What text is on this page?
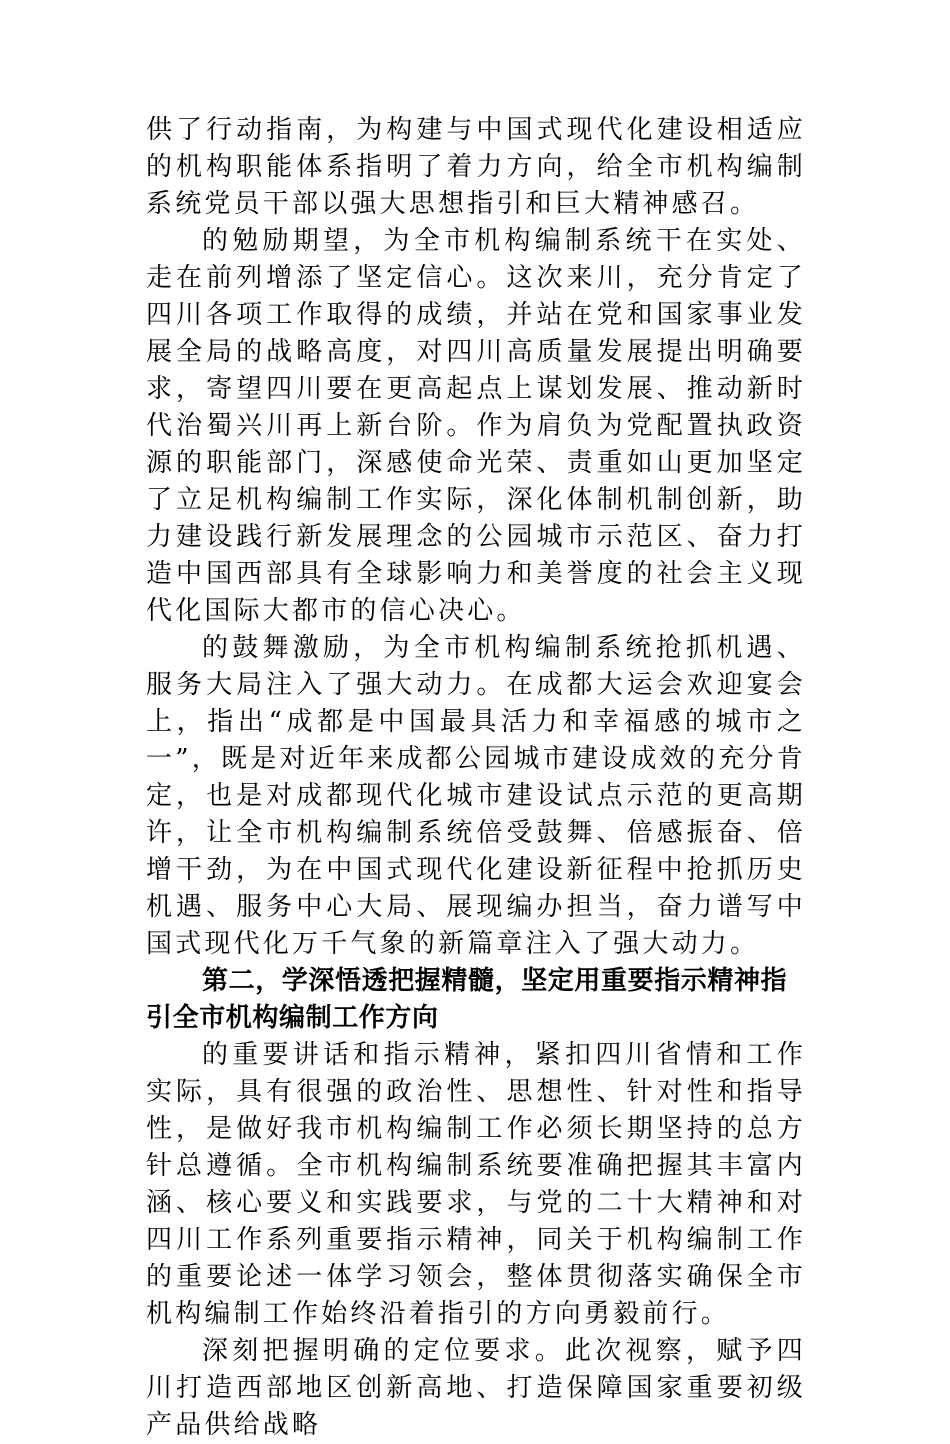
供了行动指南，为构建与中国式现代化建设相适应的机构职能体系指明了着力方向，给全市机构编制系统党员干部以强大思想指引和巨大精神感召。

的勉励期望，为全市机构编制系统干在实处、走在前列增添了坚定信心。这次来川，充分肯定了四川各项工作取得的成绩，并站在党和国家事业发展全局的战略高度，对四川高质量发展提出明确要求，寄望四川要在更高起点上谋划发展、推动新时代治蜀兴川再上新台阶。作为肩负为党配置执政资源的职能部门，深感使命光荣、责重如山更加坚定了立足机构编制工作实际，深化体制机制创新，助力建设践行新发展理念的公园城市示范区、奋力打造中国西部具有全球影响力和美誉度的社会主义现代化国际大都市的信心决心。

的鼓舞激励，为全市机构编制系统抢抓机遇、服务大局注入了强大动力。在成都大运会欢迎宴会上，指出“成都是中国最具活力和幸福感的城市之一”，既是对近年来成都公园城市建设成效的充分肯定，也是对成都现代化城市建设试点示范的更高期许，让全市机构编制系统倍受鼓舞、倍感振奋、倍增干劲，为在中国式现代化建设新征程中抢抓历史机遇、服务中心大局、展现编办担当，奋力谱写中国式现代化万千气象的新篇章注入了强大动力。

第二，学深悟透把握精髓，坚定用重要指示精神指引全市机构编制工作方向

的重要讲话和指示精神，紧扣四川省情和工作实际，具有很强的政治性、思想性、针对性和指导性，是做好我市机构编制工作必须长期坚持的总方针总遵循。全市机构编制系统要准确把握其丰富内涵、核心要义和实践要求，与党的二十大精神和对四川工作系列重要指示精神，同关于机构编制工作的重要论述一体学习领会，整体贯彻落实确保全市机构编制工作始终沿着指引的方向勇毅前行。

深刻把握明确的定位要求。此次视察，赋予四川打造西部地区创新高地、打造保障国家重要初级产品供给战略
